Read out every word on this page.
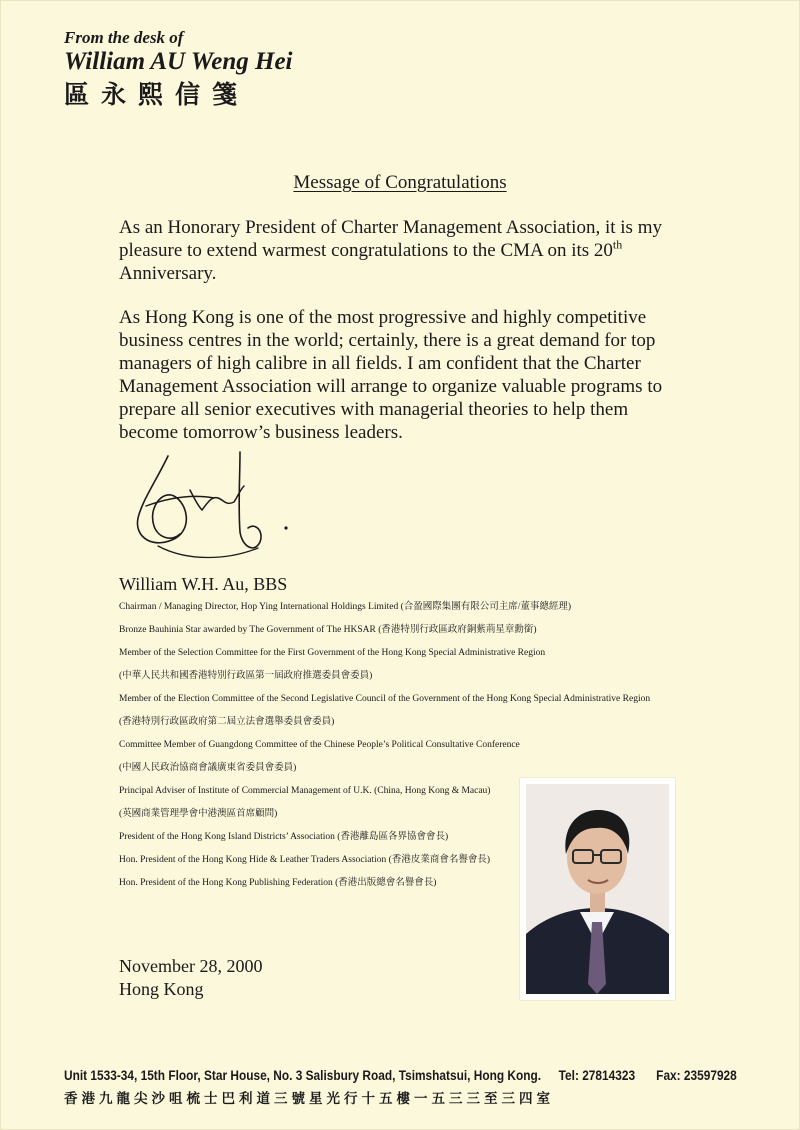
From the desk of
William AU Weng Hei
區永熙信箋
Message of Congratulations

As an Honorary President of Charter Management Association, it is my pleasure to extend warmest congratulations to the CMA on its 20th Anniversary.

As Hong Kong is one of the most progressive and highly competitive business centres in the world; certainly, there is a great demand for top managers of high calibre in all fields. I am confident that the Charter Management Association will arrange to organize valuable programs to prepare all senior executives with managerial theories to help them become tomorrow’s business leaders.

William W.H. Au, BBS
Chairman / Managing Director, Hop Ying International Holdings Limited (合盈國際集團有限公司主席/董事總經理)
Bronze Bauhinia Star awarded by The Government of The HKSAR (香港特別行政區政府銅紫荊星章勳銜)
Member of the Selection Committee for the First Government of the Hong Kong Special Administrative Region
(中華人民共和國香港特別行政區第一屆政府推選委員會委員)
Member of the Election Committee of the Second Legislative Council of the Government of the Hong Kong Special Administrative Region
(香港特別行政區政府第二屆立法會選舉委員會委員)
Committee Member of Guangdong Committee of the Chinese People’s Political Consultative Conference
(中國人民政治協商會議廣東省委員會委員)
Principal Adviser of Institute of Commercial Management of U.K. (China, Hong Kong & Macau)
(英國商業管理學會中港澳區首席顧問)
President of the Hong Kong Island Districts’ Association (香港離島區各界協會會長)
Hon. President of the Hong Kong Hide & Leather Traders Association (香港皮業商會名譽會長)
Hon. President of the Hong Kong Publishing Federation (香港出版總會名譽會長)
November 28, 2000
Hong Kong
Unit 1533-34, 15th Floor, Star House, No. 3 Salisbury Road, Tsimshatsui, Hong Kong. Tel: 27814323 Fax: 23597928
香港九龍尖沙咀梳士巴利道三號星光行十五樓一五三三至三四室
